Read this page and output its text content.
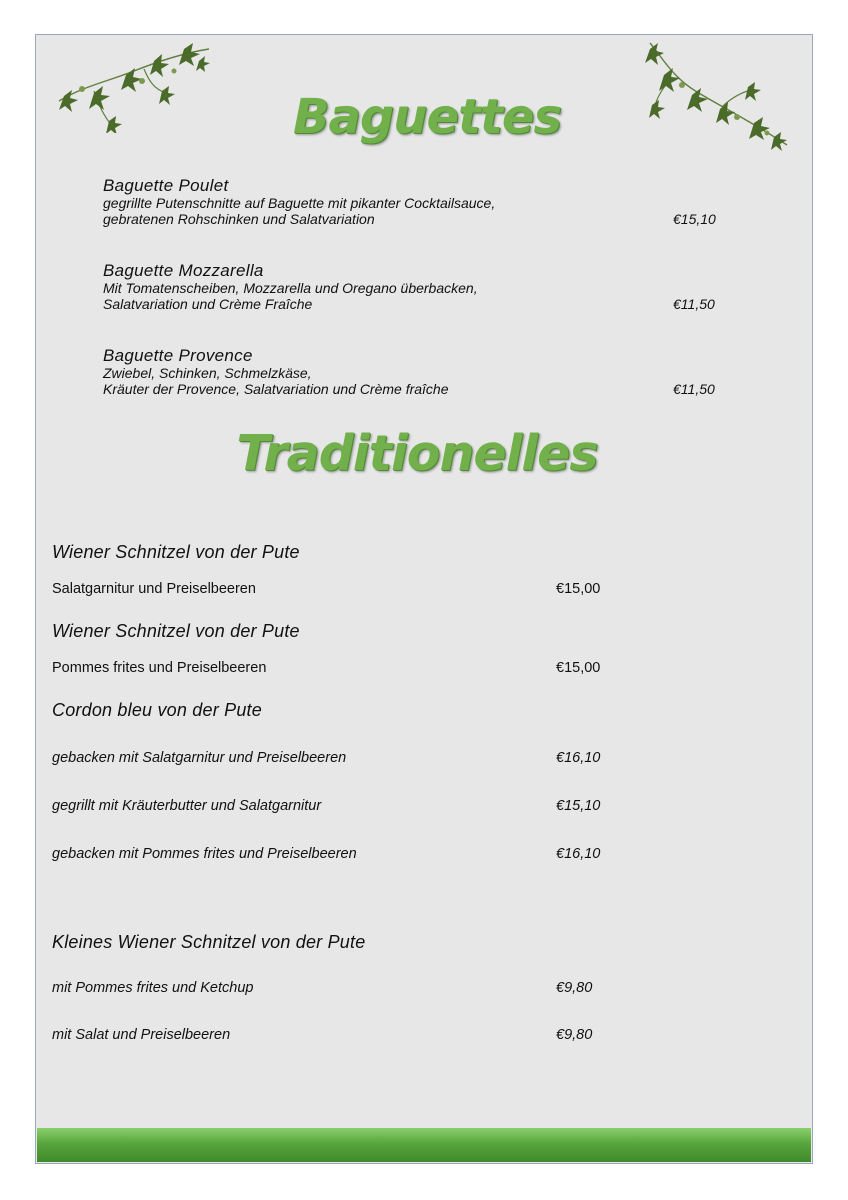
Baguettes
Baguette Poulet
gegrillte Putenschnitte auf Baguette mit pikanter Cocktailsauce,
gebratenen Rohschinken und Salatvariation	€15,10
Baguette Mozzarella
Mit Tomatenscheiben, Mozzarella und Oregano überbacken,
Salatvariation und Crème Fraîche	€11,50
Baguette Provence
Zwiebel, Schinken, Schmelzkäse,
Kräuter der Provence, Salatvariation und Crème fraîche	€11,50
Traditionelles
Wiener Schnitzel von der Pute
Salatgarnitur und Preiselbeeren	€15,00
Wiener Schnitzel von der Pute
Pommes frites und Preiselbeeren	€15,00
Cordon bleu von der Pute
gebacken mit Salatgarnitur und Preiselbeeren	€16,10
gegrillt mit Kräuterbutter und Salatgarnitur	€15,10
gebacken mit Pommes frites und Preiselbeeren	€16,10
Kleines Wiener Schnitzel von der Pute
mit Pommes frites und Ketchup	€9,80
mit Salat und Preiselbeeren	€9,80
